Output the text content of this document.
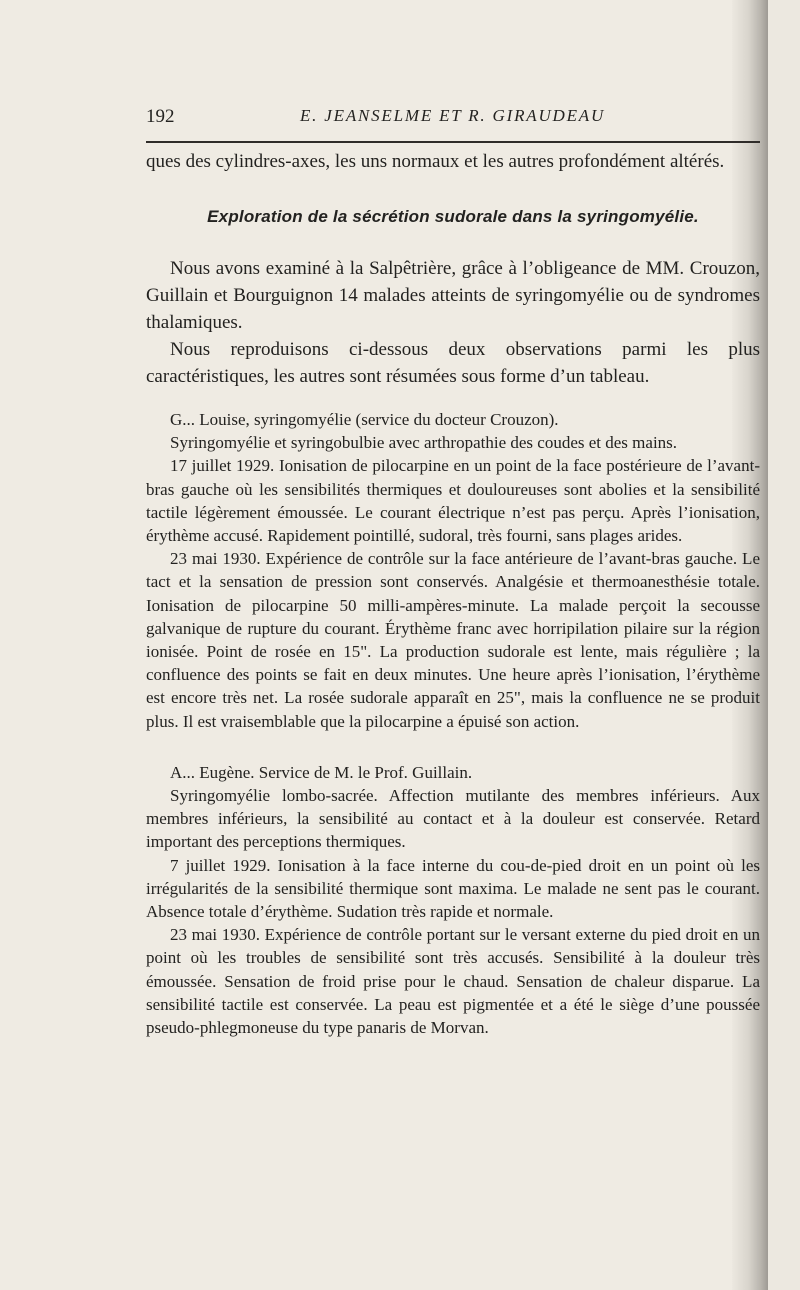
192	E. JEANSELME ET R. GIRAUDEAU

ques des cylindres-axes, les uns normaux et les autres profondément altérés.

Exploration de la sécrétion sudorale dans la syringomyélie.

Nous avons examiné à la Salpêtrière, grâce à l’obligeance de MM. Crouzon, Guillain et Bourguignon 14 malades atteints de syringomyélie ou de syndromes thalamiques.

Nous reproduisons ci-dessous deux observations parmi les plus caractéristiques, les autres sont résumées sous forme d’un tableau.

G... Louise, syringomyélie (service du docteur Crouzon).

Syringomyélie et syringobulbie avec arthropathie des coudes et des mains.

17 juillet 1929. Ionisation de pilocarpine en un point de la face postérieure de l’avant-bras gauche où les sensibilités thermiques et douloureuses sont abolies et la sensibilité tactile légèrement émoussée. Le courant électrique n’est pas perçu. Après l’ionisation, érythème accusé. Rapidement pointillé, sudoral, très fourni, sans plages arides.

23 mai 1930. Expérience de contrôle sur la face antérieure de l’avant-bras gauche. Le tact et la sensation de pression sont conservés. Analgésie et thermoanesthésie totale. Ionisation de pilocarpine 50 milli-ampères-minute. La malade perçoit la secousse galvanique de rupture du courant. Érythème franc avec horripilation pilaire sur la région ionisée. Point de rosée en 15". La production sudorale est lente, mais régulière ; la confluence des points se fait en deux minutes. Une heure après l’ionisation, l’érythème est encore très net. La rosée sudorale apparaît en 25", mais la confluence ne se produit plus. Il est vraisemblable que la pilocarpine a épuisé son action.

A... Eugène. Service de M. le Prof. Guillain.

Syringomyélie lombo-sacrée. Affection mutilante des membres inférieurs. Aux membres inférieurs, la sensibilité au contact et à la douleur est conservée. Retard important des perceptions thermiques.

7 juillet 1929. Ionisation à la face interne du cou-de-pied droit en un point où les irrégularités de la sensibilité thermique sont maxima. Le malade ne sent pas le courant. Absence totale d’érythème. Sudation très rapide et normale.

23 mai 1930. Expérience de contrôle portant sur le versant externe du pied droit en un point où les troubles de sensibilité sont très accusés. Sensibilité à la douleur très émoussée. Sensation de froid prise pour le chaud. Sensation de chaleur disparue. La sensibilité tactile est conservée. La peau est pigmentée et a été le siège d’une poussée pseudo-phlegmoneuse du type panaris de Morvan.
